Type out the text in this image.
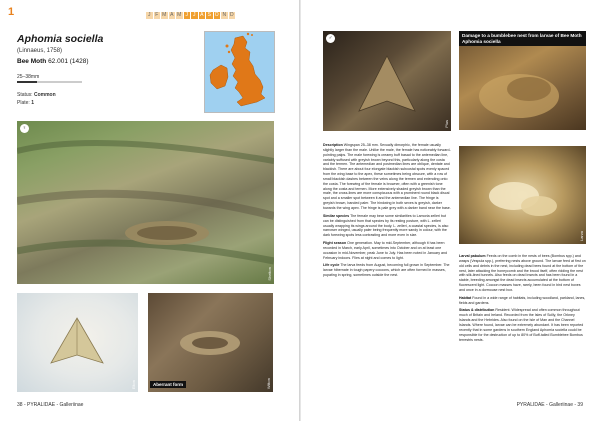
1	J F M A M J	J A S O N D
Aphomia sociella
(Linnaeus, 1758)
Bee Moth 62.001 (1428)
25–38mm
Status: Common
Plate: 1
♀
Shelton
Elton	Aberrant form	Wilton
38 - PYRALIDAE - Galleriinae
♂
Plus
Damage to a bumblebee nest from larvae of Bee Moth Aphomia sociella
Larva

Description Wingspan 25–38 mm. Sexually dimorphic, the female usually slightly larger than the male. Unlike the male, the female has noticeably forward-pointing palps. The male forewing is creamy buff basad to the antemedian line, variably suffused with greyish brown beyond this, particularly along the costa and the termen. The antemedian and postmedian lines are oblique, dentate and blackish. There are about four elongate blackish subcostal spots evenly spaced from the wing base to the apex, these sometimes being obscure, with a row of small blackish dashes between the veins along the termen and extending onto the costa. The forewing of the female is browner, often with a greenish tone along the costa and termen. More extensively shaded greyish brown than the male, the cross-lines are more conspicuous with a prominent round black discal spot and a smaller spot between it and the antemedian line. The fringe is greyish brown, banded paler. The hindwing in both sexes is greyish, darker towards the wing apex. The fringe is pale grey with a darker band near the base.

Similar species The female may bear some similarities to Lamoria zelleri but can be distinguished from that species by its resting posture, with L. zelleri usually wrapping its wings around the body. L. zelleri, a coastal species, is also narrower winged, usually paler being frequently more sandy in colour, with the dark forewing spots less contrasting and more even in size.

Flight season One generation. May to mid-September, although it has been recorded in March, early April, sometimes into October and on at least one occasion in mid-November, peak June to July. Has been noted in January and February indoors. Flies at night and comes to light.

Life cycle The larva feeds from August, becoming full grown in September. The larvae hibernate in tough papery cocoons, which are often formed in masses, pupating in spring, sometimes outside the nest.

Larval pabulum Feeds on the comb in the nests of bees (Bombus spp.) and wasps (Vespula spp.), preferring nests above ground. The larvae feed at first on old cells and debris in the nest, including dead bees found at the bottom of the nest, later attacking the honeycomb and the brood itself, often ridding the nest with silk-lined tunnels. Also feeds on dead insects and has been found in a stable, breeding amongst the dead insects accumulated at the bottom of fluorescent light. Cocoon masses have, rarely, been found in bird nest boxes and once in a dormouse nest box.

Habitat Found in a wide range of habitats, including woodland, parkland, lanes, fields and gardens.

Status & distribution Resident. Widespread and often common throughout much of Britain and Ireland. Recorded from the Isles of Scilly, the Orkney Islands and the Hebrides. Also found on the Isle of Man and the Channel Islands. Where found, larvae can be extremely abundant. It has been reported recently that in some gardens in southern England Aphomia sociella could be responsible for the destruction of up to 80% of Buff-tailed Bumblebee Bombus terrestris nests.

PYRALIDAE - Galleriinae - 39
